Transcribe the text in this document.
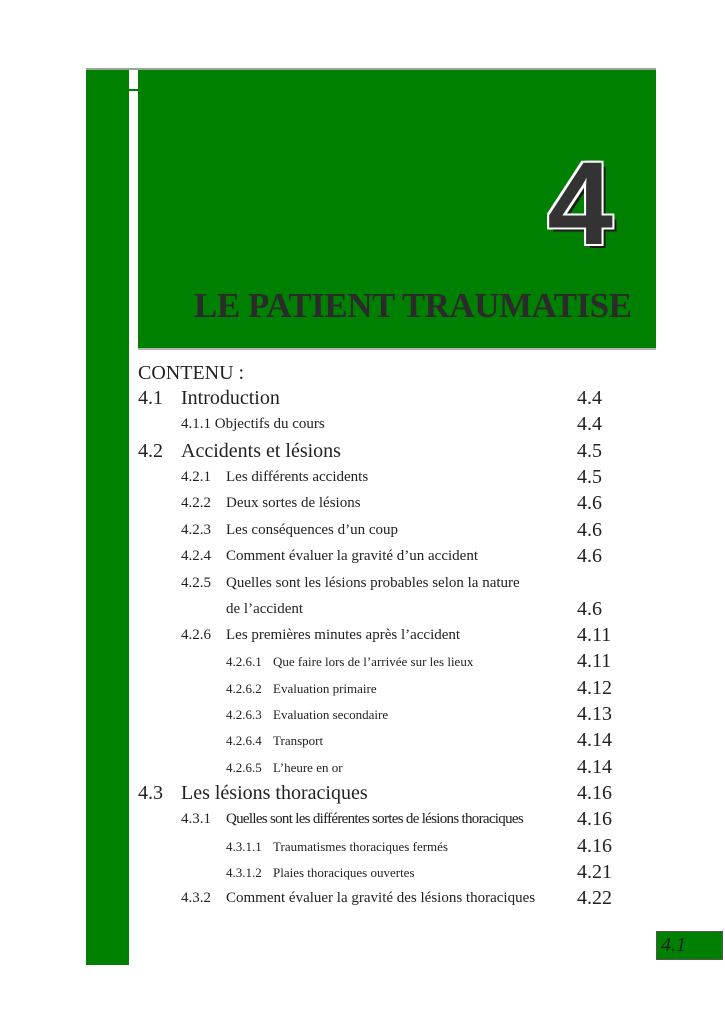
4
LE PATIENT TRAUMATISE
CONTENU :
4.1 Introduction	4.4
4.1.1 Objectifs du cours	4.4
4.2 Accidents et lésions	4.5
4.2.1 Les différents accidents	4.5
4.2.2 Deux sortes de lésions	4.6
4.2.3 Les conséquences d’un coup	4.6
4.2.4 Comment évaluer la gravité d’un accident	4.6
4.2.5 Quelles sont les lésions probables selon la nature
de l’accident	4.6
4.2.6 Les premières minutes après l’accident	4.11
4.2.6.1 Que faire lors de l’arrivée sur les lieux	4.11
4.2.6.2 Evaluation primaire	4.12
4.2.6.3 Evaluation secondaire	4.13
4.2.6.4 Transport	4.14
4.2.6.5 L’heure en or	4.14
4.3 Les lésions thoraciques	4.16
4.3.1 Quelles sont les différentes sortes de lésions thoraciques	4.16
4.3.1.1 Traumatismes thoraciques fermés	4.16
4.3.1.2 Plaies thoraciques ouvertes	4.21
4.3.2 Comment évaluer la gravité des lésions thoraciques 4.22
4.1
